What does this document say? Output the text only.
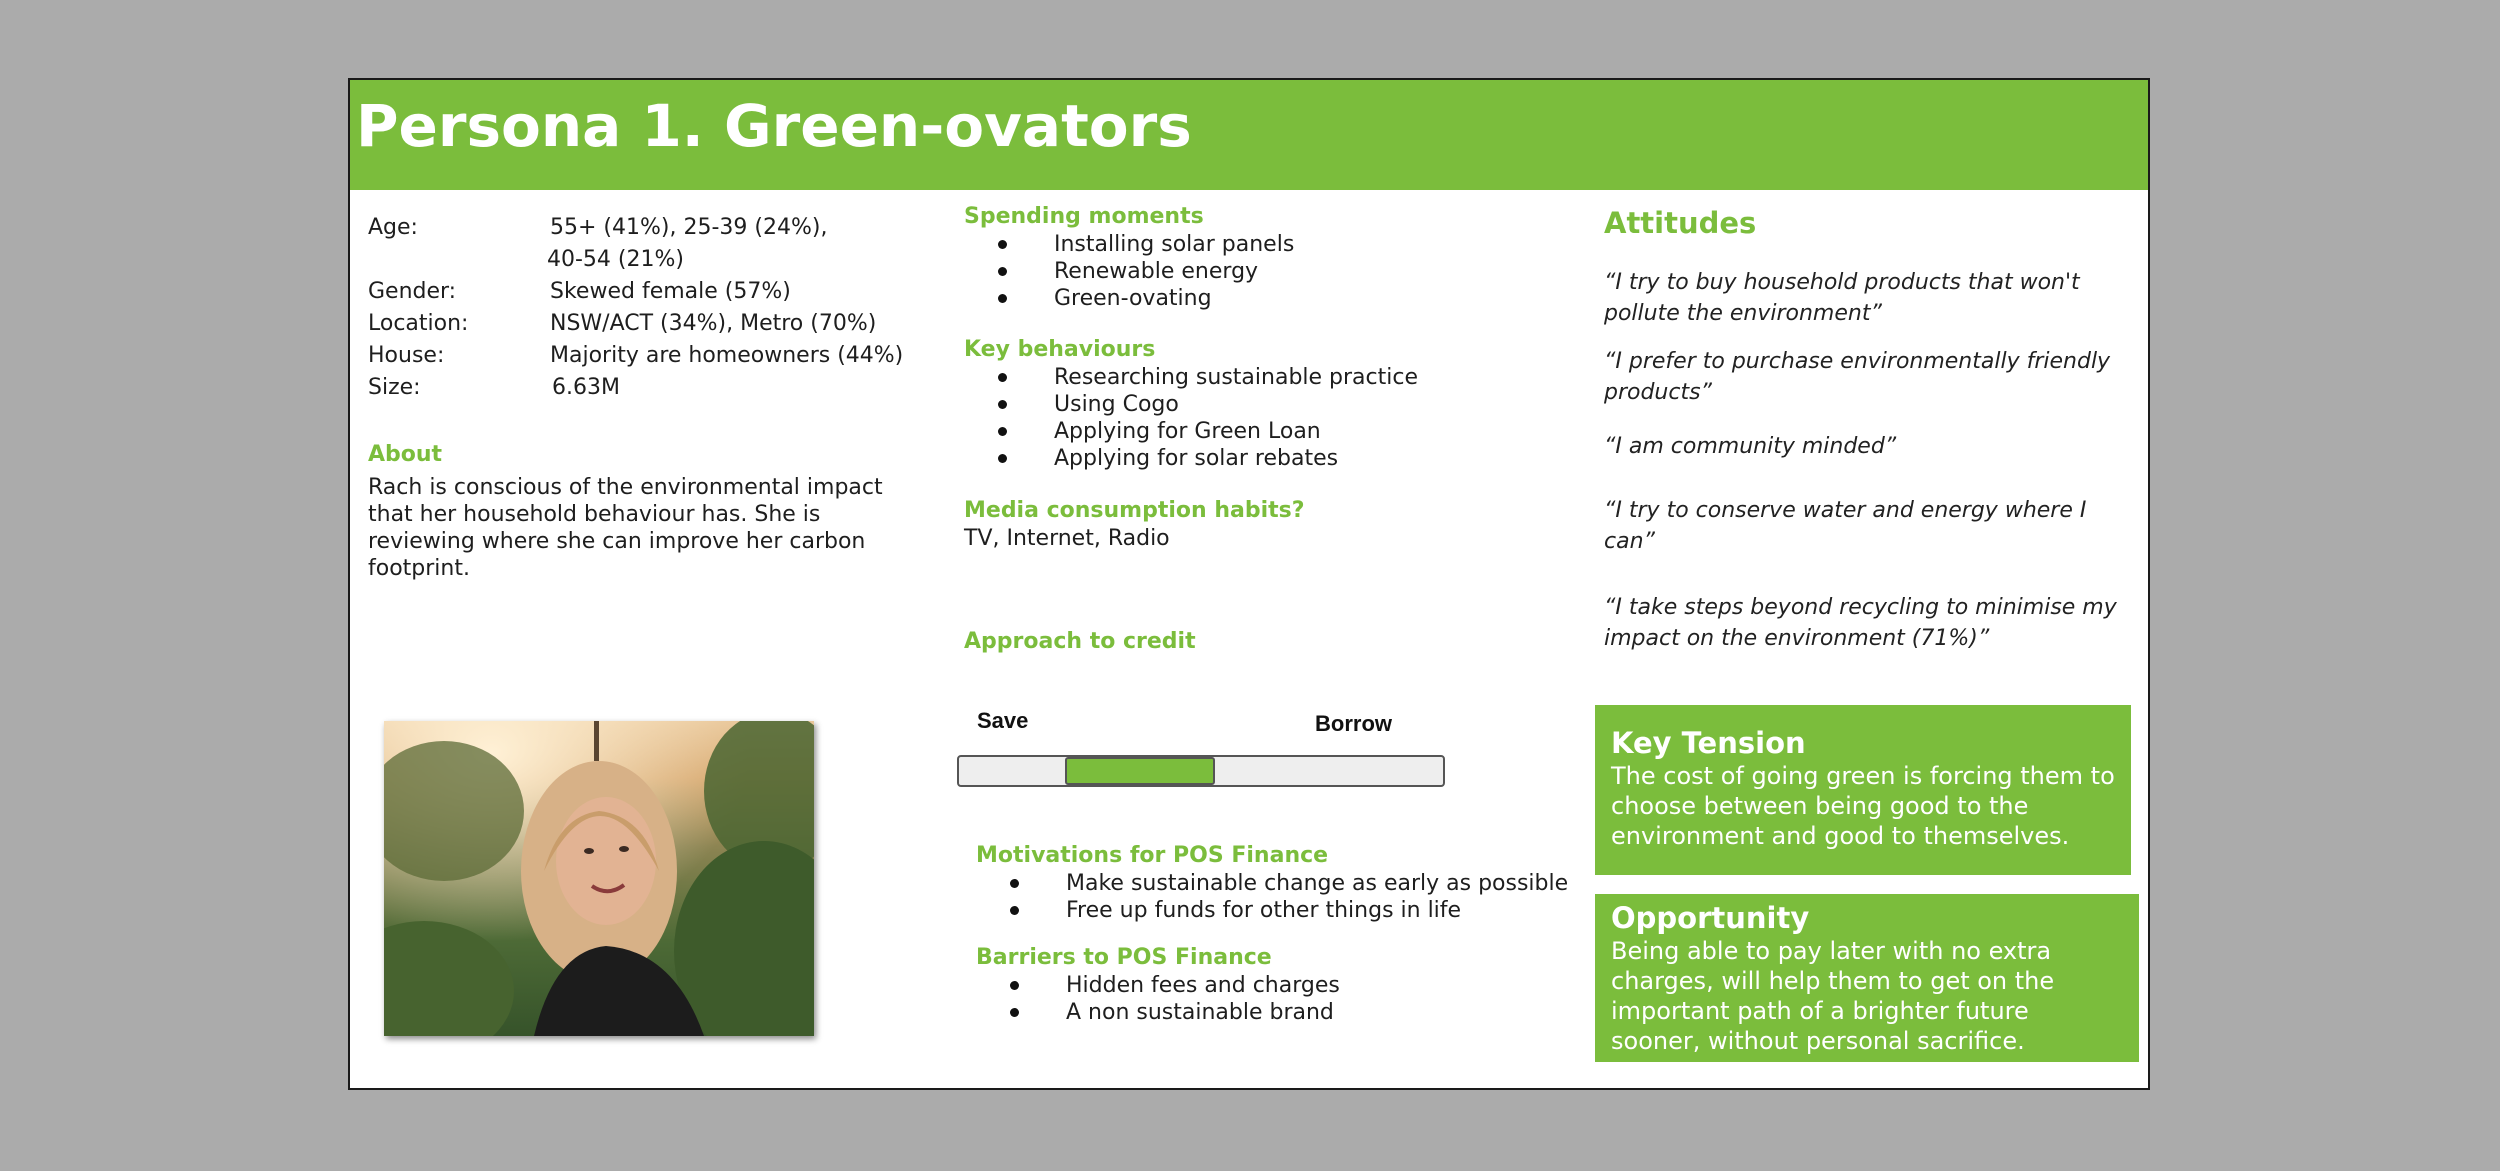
Persona 1. Green-ovators
Age:	55+ (41%), 25-39 (24%),
40-54 (21%)
Gender:	Skewed female (57%)
Location:	NSW/ACT (34%), Metro (70%)
House:	Majority are homeowners (44%)
Size:	6.63M
About
Rach is conscious of the environmental impact that her household behaviour has. She is reviewing where she can improve her carbon footprint.
Spending moments
Installing solar panels
Renewable energy
Green-ovating
Key behaviours
Researching sustainable practice
Using Cogo
Applying for Green Loan
Applying for solar rebates
Media consumption habits?
TV, Internet, Radio
Approach to credit
Save	Borrow
Motivations for POS Finance
Make sustainable change as early as possible
Free up funds for other things in life
Barriers to POS Finance
Hidden fees and charges
A non sustainable brand
Attitudes
“I try to buy household products that won't pollute the environment”
“I prefer to purchase environmentally friendly products”
“I am community minded”
“I try to conserve water and energy where I can”
“I take steps beyond recycling to minimise my impact on the environment (71%)”
Key Tension

The cost of going green is forcing them to choose between being good to the environment and good to themselves.

Opportunity

Being able to pay later with no extra charges, will help them to get on the important path of a brighter future sooner, without personal sacrifice.
